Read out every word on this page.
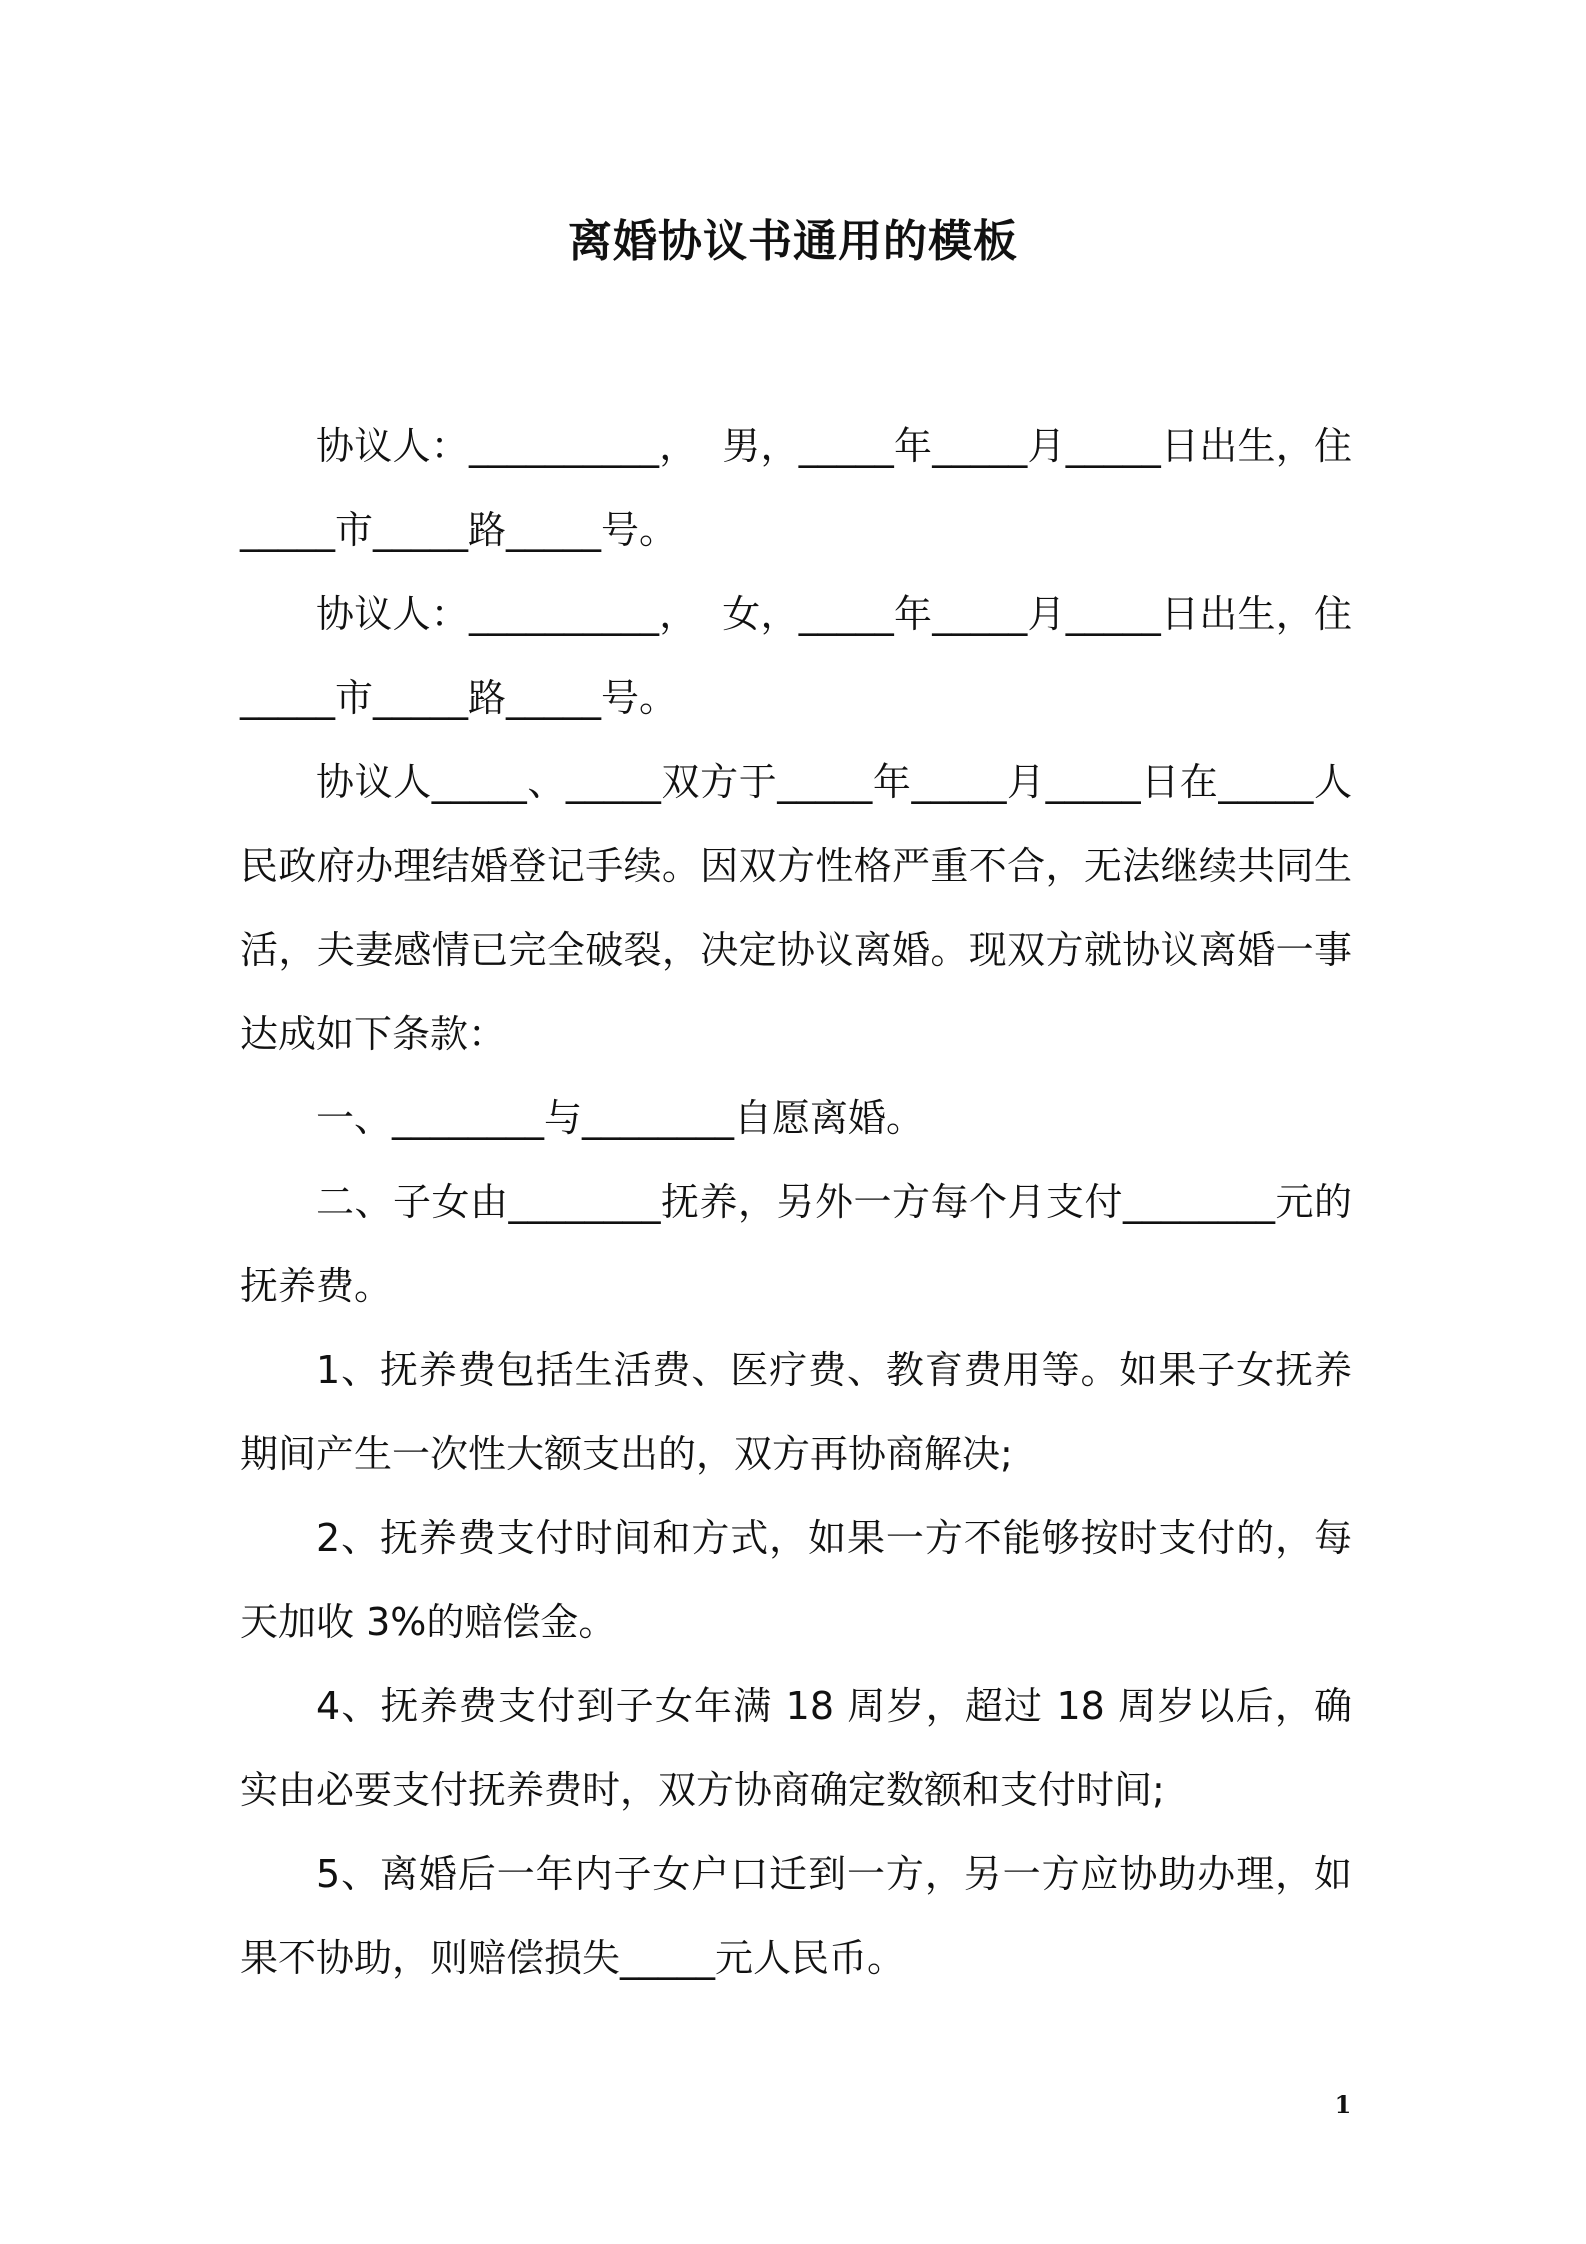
离婚协议书通用的模板

协议人：__________，  男，_____年_____月_____日出生，住_____市_____路_____号。

协议人：__________，  女，_____年_____月_____日出生，住_____市_____路_____号。

协议人_____、_____双方于_____年_____月_____日在_____人民政府办理结婚登记手续。因双方性格严重不合，无法继续共同生活，夫妻感情已完全破裂，决定协议离婚。现双方就协议离婚一事达成如下条款：

一、________与________自愿离婚。

二、子女由________抚养，另外一方每个月支付________元的抚养费。

1、抚养费包括生活费、医疗费、教育费用等。如果子女抚养期间产生一次性大额支出的，双方再协商解决;

2、抚养费支付时间和方式，如果一方不能够按时支付的，每天加收 3%的赔偿金。

4、抚养费支付到子女年满 18 周岁，超过 18 周岁以后，确实由必要支付抚养费时，双方协商确定数额和支付时间;

5、离婚后一年内子女户口迁到一方，另一方应协助办理，如果不协助，则赔偿损失_____元人民币。

1
